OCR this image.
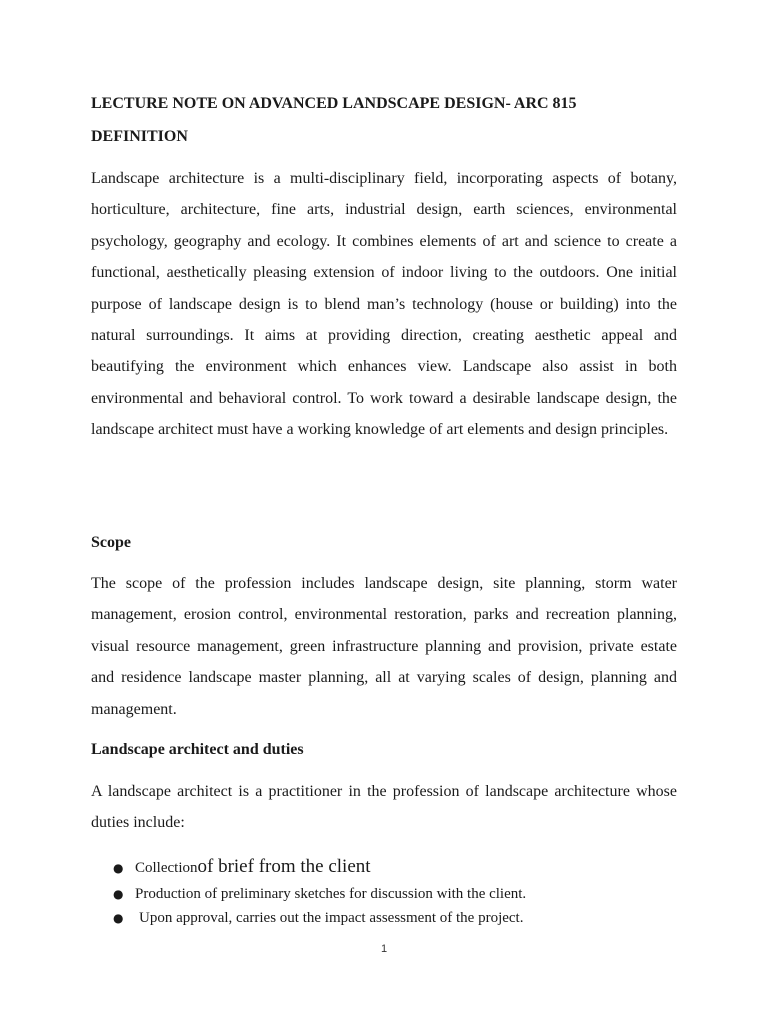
LECTURE NOTE ON ADVANCED LANDSCAPE DESIGN- ARC 815
DEFINITION

Landscape architecture is a multi-disciplinary field, incorporating aspects of botany, horticulture, architecture, fine arts, industrial design, earth sciences, environmental psychology, geography and ecology. It combines elements of art and science to create a functional, aesthetically pleasing extension of indoor living to the outdoors. One initial purpose of landscape design is to blend man’s technology (house or building) into the natural surroundings. It aims at providing direction, creating aesthetic appeal and beautifying the environment which enhances view. Landscape also assist in both environmental and behavioral control. To work toward a desirable landscape design, the landscape architect must have a working knowledge of art elements and design principles.

Scope

The scope of the profession includes landscape design, site planning, storm water management, erosion control, environmental restoration, parks and recreation planning, visual resource management, green infrastructure planning and provision, private estate and residence landscape master planning, all at varying scales of design, planning and management.

Landscape architect and duties

A landscape architect is a practitioner in the profession of landscape architecture whose duties include:

● Collection of brief from the client
● Production of preliminary sketches for discussion with the client.
●	Upon approval, carries out the impact assessment of the project.
1
